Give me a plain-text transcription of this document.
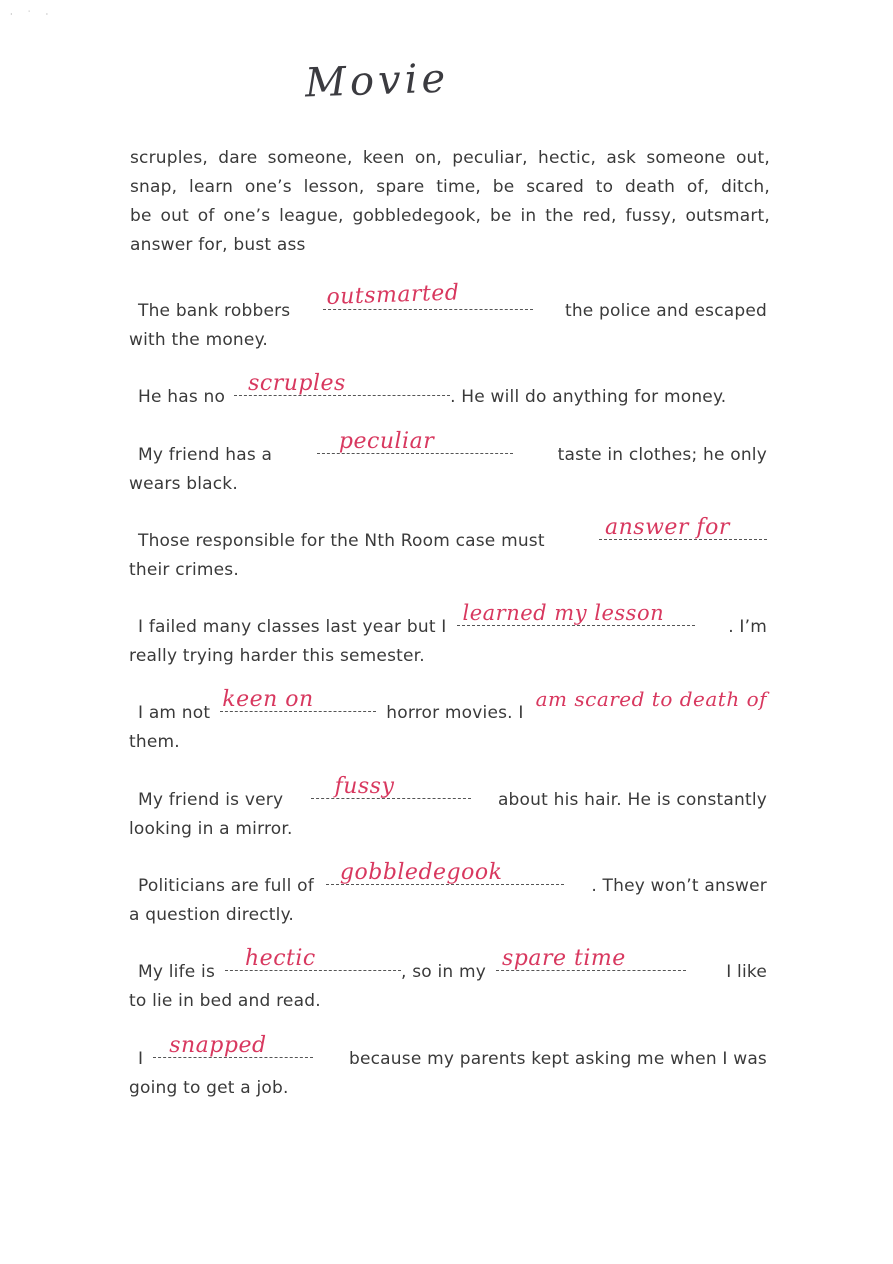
· ˙ ·
Movie
scruples, dare someone, keen on, peculiar, hectic, ask someone out,
snap, learn one’s lesson, spare time, be scared to death of, ditch,
be out of one’s league, gobbledegook, be in the red, fussy, outsmart,
answer for, bust ass
The bank robbers
outsmarted
the police and escaped
with the money.
He has no
scruples
. He will do anything for money.
My friend has a
peculiar
taste in clothes; he only
wears black.
Those responsible for the Nth Room case must
answer for
their crimes.
I failed many classes last year but I
learned my lesson
. I’m
really trying harder this semester.
I am not
keen on
horror movies. I
am scared to death of
them.
My friend is very
fussy
about his hair. He is constantly
looking in a mirror.
Politicians are full of
gobbledegook
. They won’t answer
a question directly.
My life is
hectic
, so in my
spare time
I like
to lie in bed and read.
I
snapped
because my parents kept asking me when I was
going to get a job.
